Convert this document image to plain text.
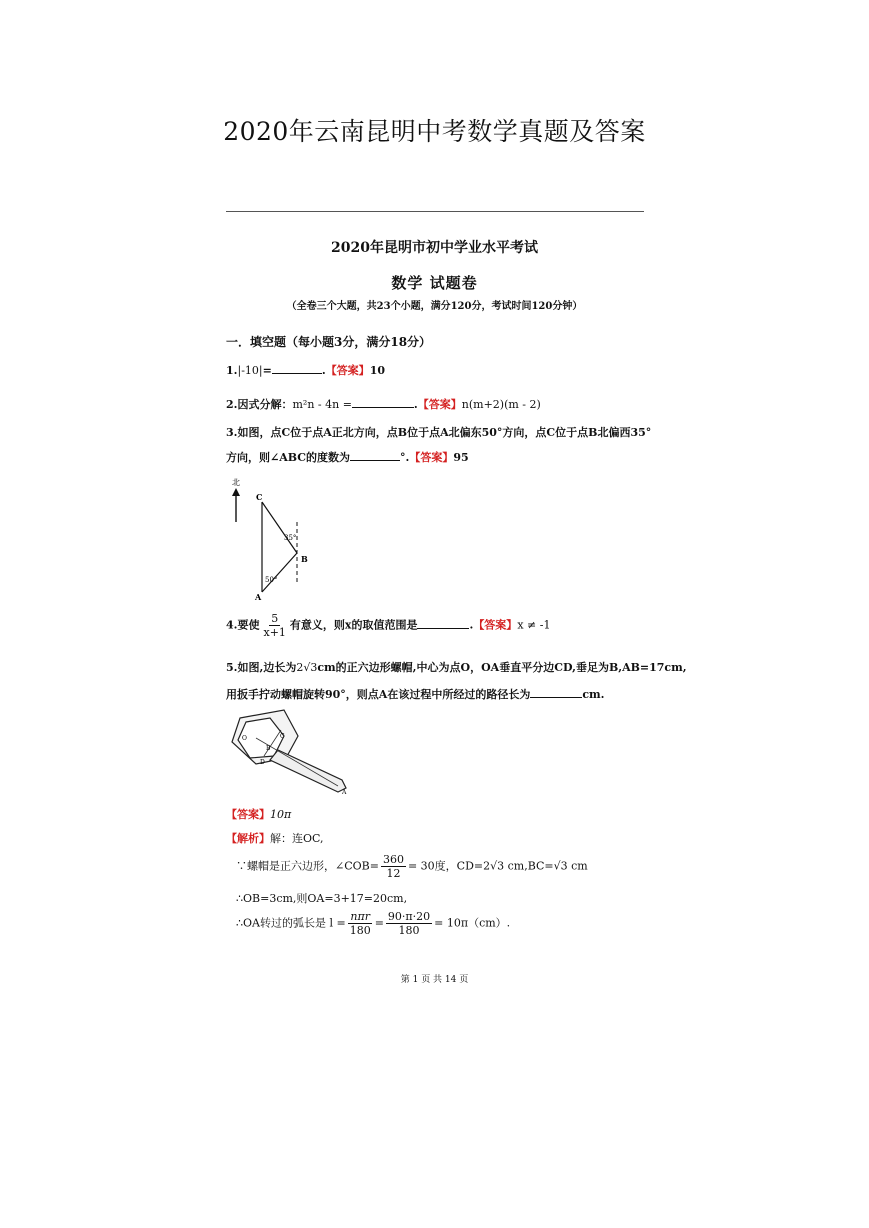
2020年云南昆明中考数学真题及答案
2020年昆明市初中学业水平考试
数学 试题卷
（全卷三个大题，共23个小题，满分120分，考试时间120分钟）
一．填空题（每小题3分，满分18分）
1.|-10|=	.【答案】10
2.因式分解：m²n - 4n =	.【答案】n(m+2)(m - 2)
3.如图，点C位于点A正北方向，点B位于点A北偏东50°方向，点C位于点B北偏西35°
方向，则∠ABC的度数为	°.【答案】95
北
C
B
A
35°
50°
4.要使 $\frac{5}{x+1}$ 有意义，则x的取值范围是	.【答案】x ≠ -1
5.如图,边长为2√3cm的正六边形螺帽,中心为点O，OA垂直平分边CD,垂足为B,AB=17cm,
用扳手拧动螺帽旋转90°，则点A在该过程中所经过的路径长为	cm.
O	C
B
D
A
【答案】10π
【解析】解：连OC,
∵螺帽是正六边形，∠COB= $\frac{360}{12} = 30$度，CD=2√3 cm,BC=√3 cm
∴OB=3cm,则OA=3+17=20cm,
∴OA转过的弧长是 $l = \frac{\text{nπr}}{180} = \frac{90\cdot\pi\cdot 20}{180} = 10\pi(cm)$.
第 1 页 共 14 页
